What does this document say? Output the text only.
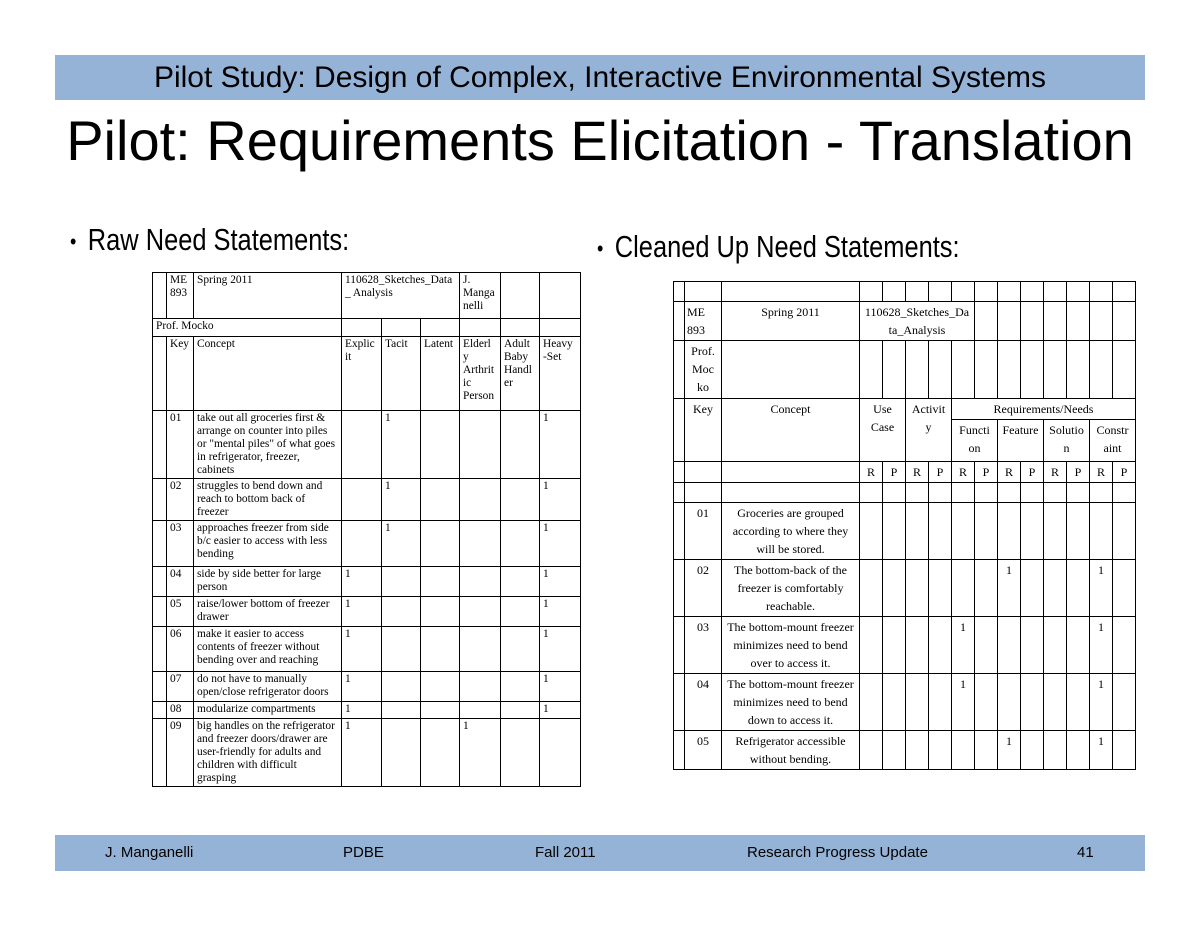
Pilot Study: Design of Complex, Interactive Environmental Systems
Pilot: Requirements Elicitation - Translation
• Raw Need Statements:	• Cleaned Up Need Statements:
	ME 893	Spring 2011	110628_Sketches_Data_ Analysis			J. Manga nelli		
Prof. Mocko								
	Key	Concept	Explic it	Tacit	Latent	Elderl y Arthrit ic Person	Adult Baby Handl er	Heavy -Set
	01	take out all groceries first & arrange on counter into piles or "mental piles" of what goes in refrigerator, freezer, cabinets		1				1
	02	struggles to bend down and reach to bottom back of freezer		1				1
	03	approaches freezer from side b/c easier to access with less bending		1				1
	04	side by side better for large person	1					1
	05	raise/lower bottom of freezer drawer	1					1
	06	make it easier to access contents of freezer without bending over and reaching	1					1
	07	do not have to manually open/close refrigerator doors	1					1
	08	modularize compartments	1					1
	09	big handles on the refrigerator and freezer doors/drawer are user-friendly for adults and children with difficult grasping	1			1		

	ME 893	Spring 2011	110628_Sketches_Da ta_Analysis											
	Prof. Moc ko													
	Key	Concept	Use Case		Activit y		Requirements/Needs							
							Functi on		Feature		Solutio n		Constr aint	
			R	P	R	P	R	P	R	P	R	P	R	P

	01	Groceries are grouped according to where they will be stored.												
	02	The bottom-back of the freezer is comfortably reachable.							1				1	
	03	The bottom-mount freezer minimizes need to bend over to access it.					1						1	
	04	The bottom-mount freezer minimizes need to bend down to access it.					1						1	
	05	Refrigerator accessible without bending.							1				1	
J. Manganelli	PDBE	Fall 2011	Research Progress Update	41
